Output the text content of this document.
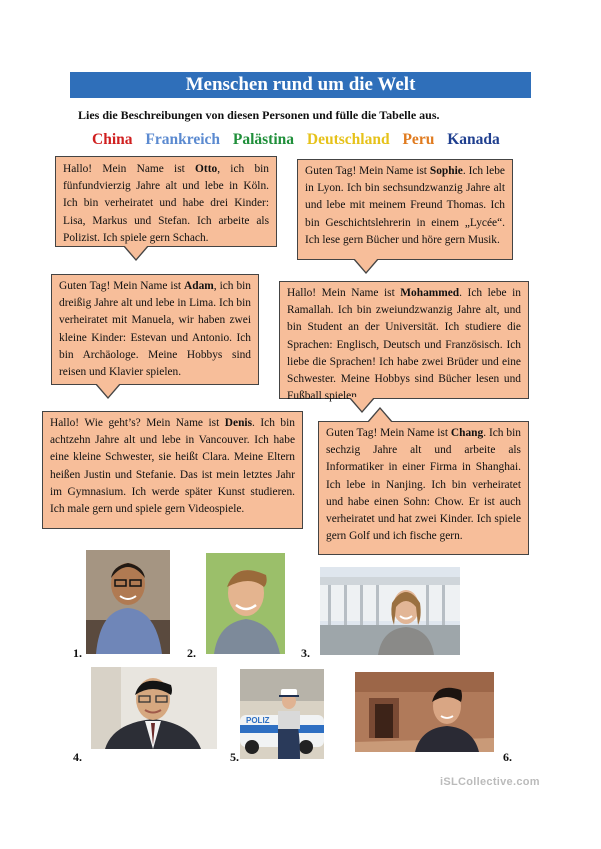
Menschen rund um die Welt
Lies die Beschreibungen von diesen Personen und fülle die Tabelle aus.
China Frankreich Palästina Deutschland Peru Kanada
Hallo! Mein Name ist Otto, ich bin fünfundvierzig Jahre alt und lebe in Köln. Ich bin verheiratet und habe drei Kinder: Lisa, Markus und Stefan. Ich arbeite als Polizist. Ich spiele gern Schach.
Guten Tag! Mein Name ist Sophie. Ich lebe in Lyon. Ich bin sechsundzwanzig Jahre alt und lebe mit meinem Freund Thomas. Ich bin Geschichtslehrerin in einem „Lycée“. Ich lese gern Bücher und höre gern Musik.
Guten Tag! Mein Name ist Adam, ich bin dreißig Jahre alt und lebe in Lima. Ich bin verheiratet mit Manuela, wir haben zwei kleine Kinder: Estevan und Antonio. Ich bin Archäologe. Meine Hobbys sind reisen und Klavier spielen.
Hallo! Mein Name ist Mohammed. Ich lebe in Ramallah. Ich bin zweiundzwanzig Jahre alt, und bin Student an der Universität. Ich studiere die Sprachen: Englisch, Deutsch und Französisch. Ich liebe die Sprachen! Ich habe zwei Brüder und eine Schwester. Meine Hobbys sind Bücher lesen und Fußball spielen.
Hallo! Wie geht’s? Mein Name ist Denis. Ich bin achtzehn Jahre alt und lebe in Vancouver. Ich habe eine kleine Schwester, sie heißt Clara. Meine Eltern heißen Justin und Stefanie. Das ist mein letztes Jahr im Gymnasium. Ich werde später Kunst studieren. Ich male gern und spiele gern Videospiele.
Guten Tag! Mein Name ist Chang. Ich bin sechzig Jahre alt und arbeite als Informatiker in einer Firma in Shanghai. Ich lebe in Nanjing. Ich bin verheiratet und habe einen Sohn: Chow. Er ist auch verheiratet und hat zwei Kinder. Ich spiele gern Golf und ich fische gern.
1.	2.	3.
4.
POLIZ
5.	6.
iSLCollective.com
